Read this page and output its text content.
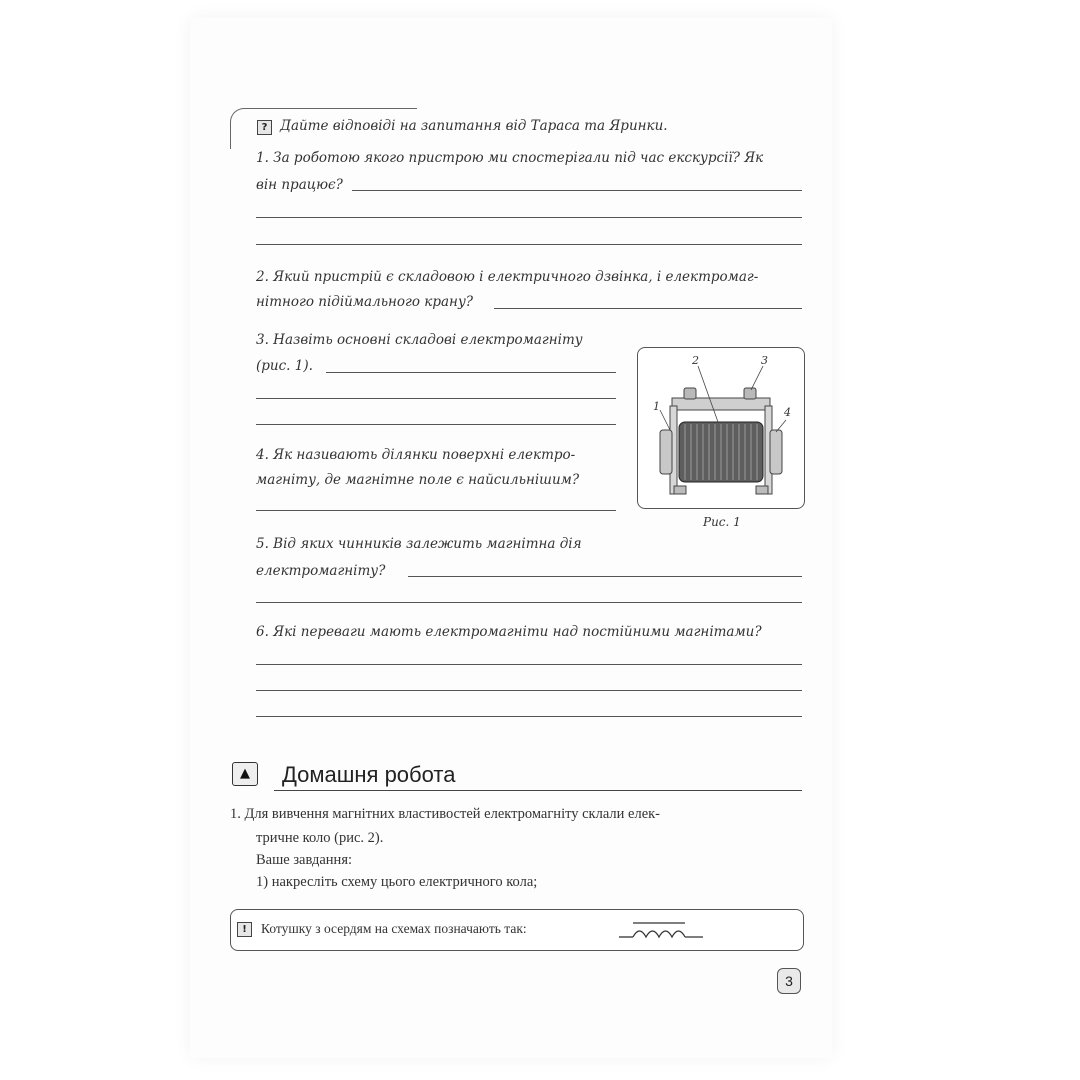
? Дайте відповіді на запитання від Тараса та Яринки.
1. За роботою якого пристрою ми спостерігали під час екскурсії? Як
він працює?
2. Який пристрій є складовою і електричного дзвінка, і електромаг-
нітного підіймального крану?
3. Назвіть основні складові електромагніту
(рис. 1).
4. Як називають ділянки поверхні електро-
магніту, де магнітне поле є найсильнішим?
2	3
1	4
Рис. 1
5. Від яких чинників залежить магнітна дія
електромагніту?
6. Які переваги мають електромагніти над постійними магнітами?
▲	Домашня робота
1. Для вивчення магнітних властивостей електромагніту склали елек-
тричне коло (рис. 2).
Ваше завдання:
1) накресліть схему цього електричного кола;
!	Котушку з осердям на схемах позначають так:
3
